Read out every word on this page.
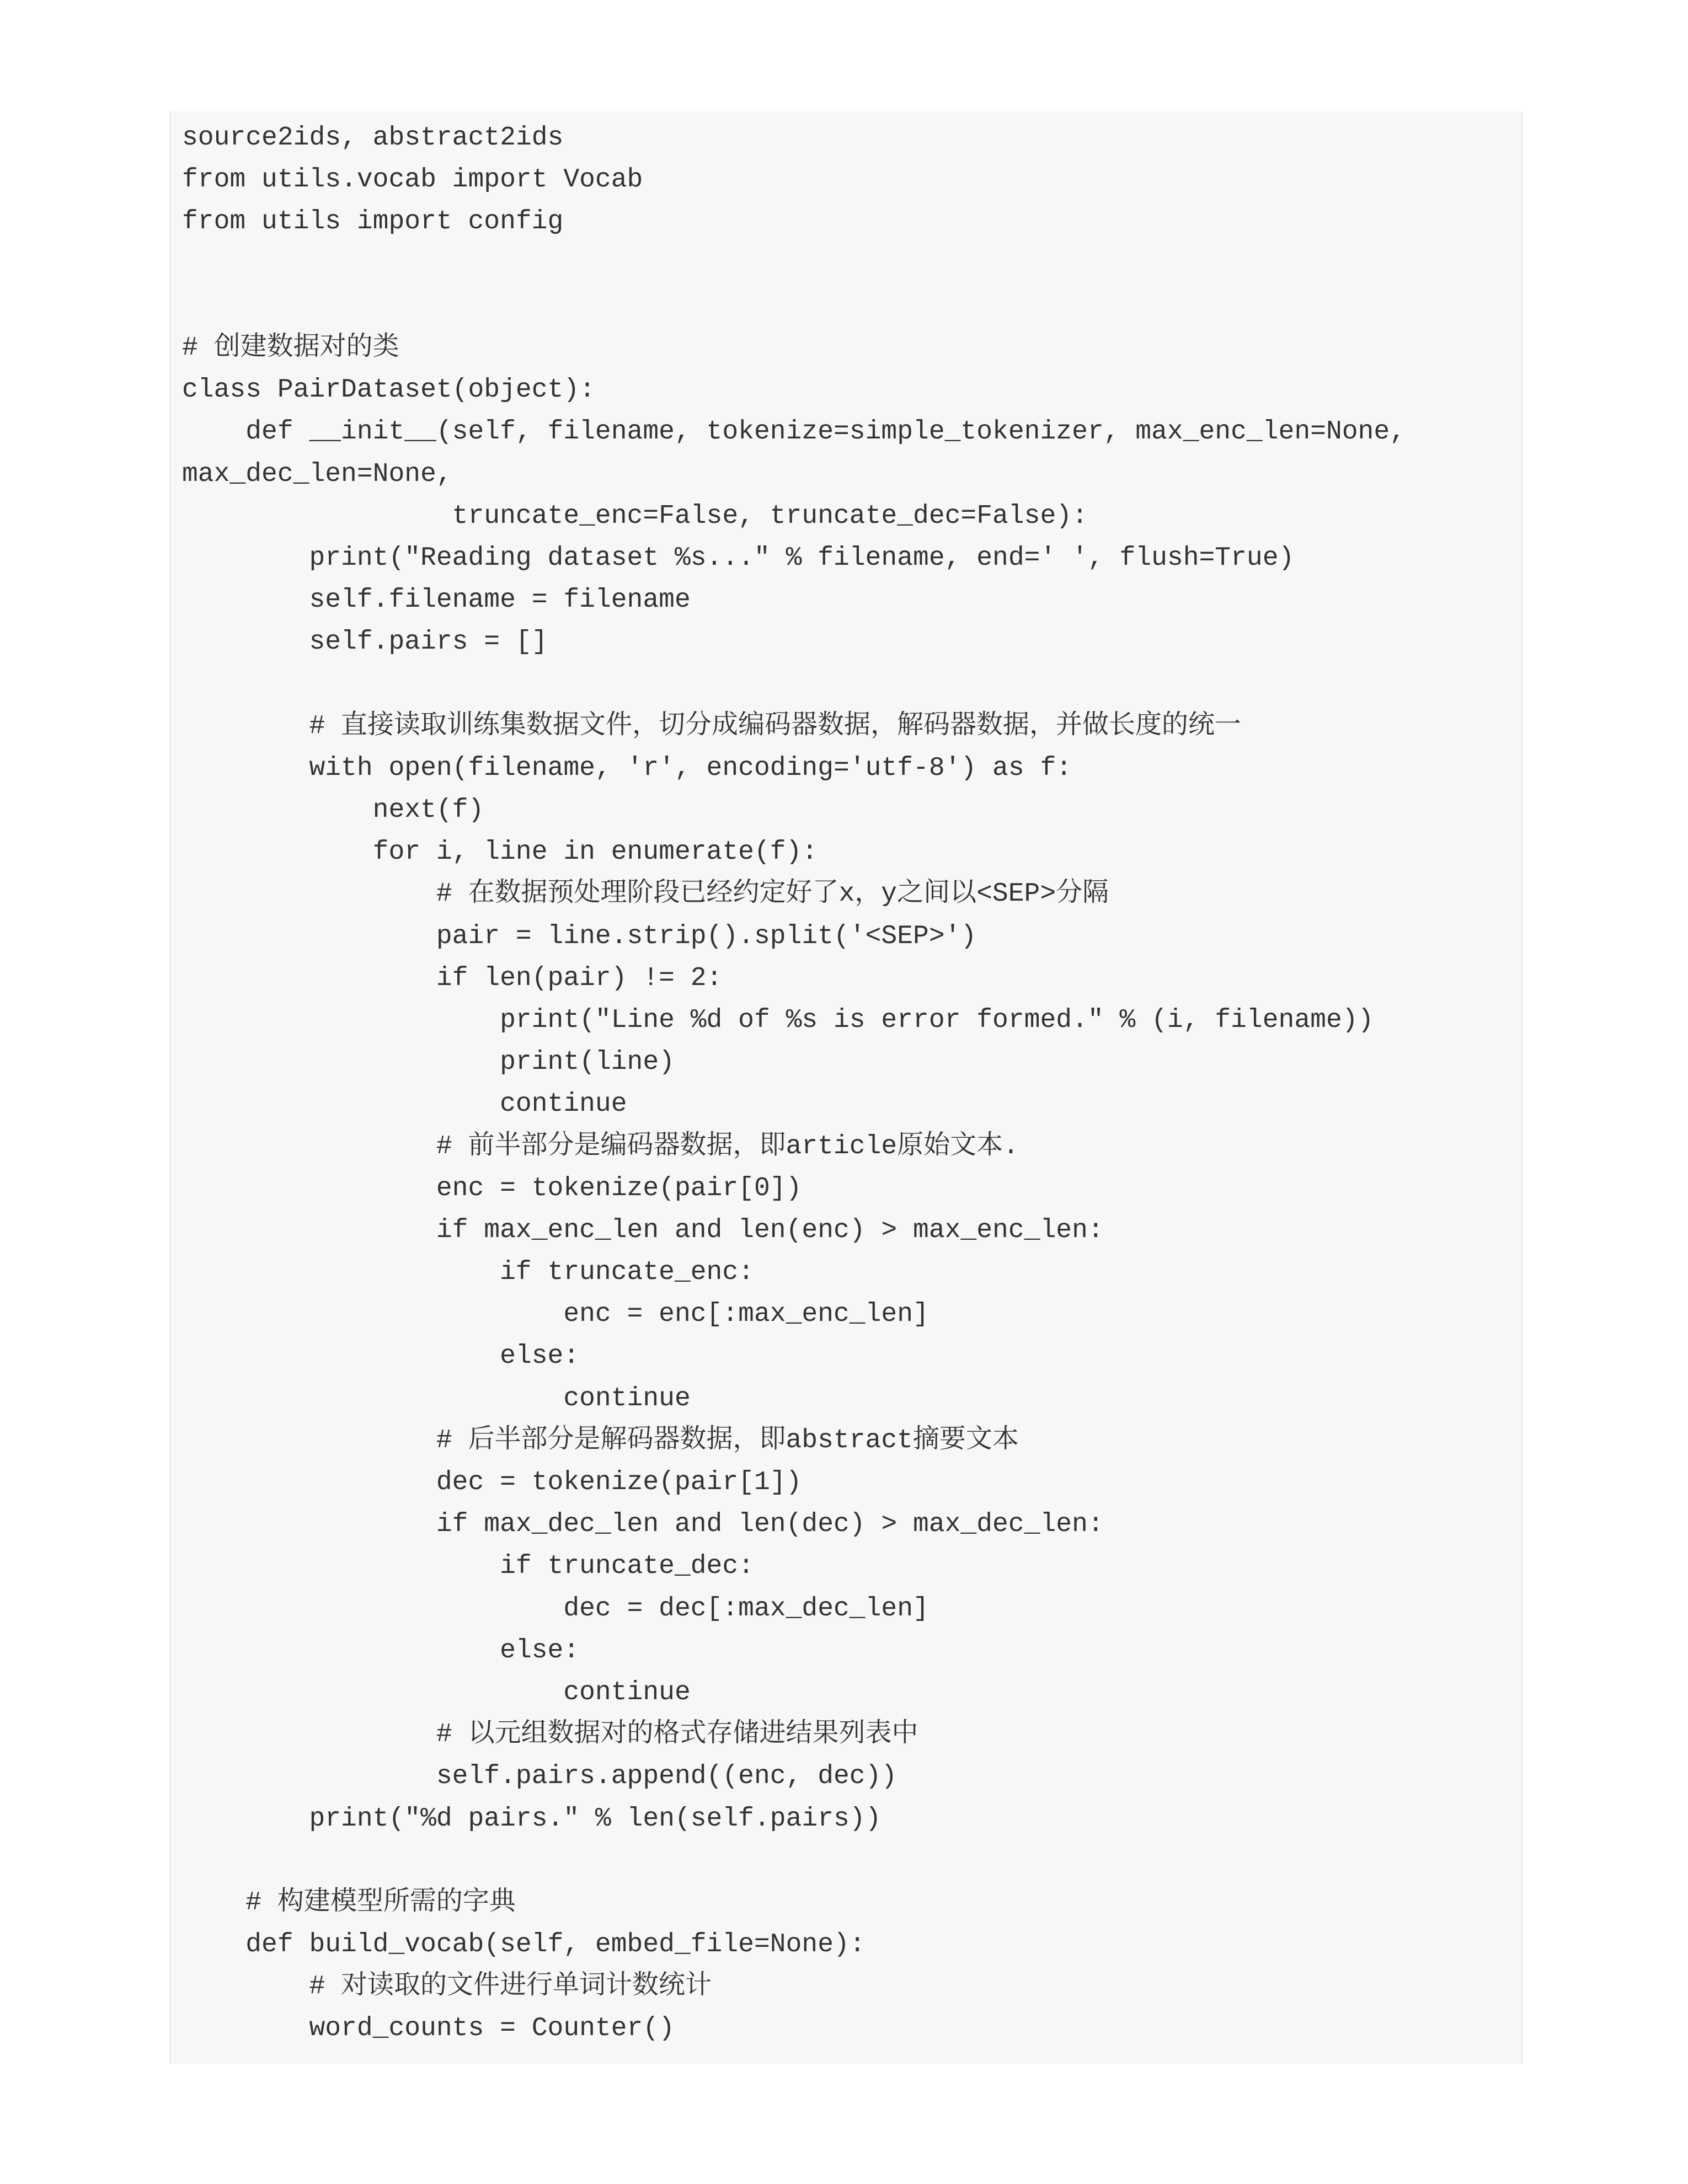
source2ids, abstract2ids
from utils.vocab import Vocab
from utils import config
# 创建数据对的类
class PairDataset(object):
def __init__(self, filename, tokenize=simple_tokenizer, max_enc_len=None,
max_dec_len=None,
truncate_enc=False, truncate_dec=False):
print("Reading dataset %s..." % filename, end=' ', flush=True)
self.filename = filename
self.pairs = []
# 直接读取训练集数据文件，切分成编码器数据，解码器数据，并做长度的统一
with open(filename, 'r', encoding='utf-8') as f:
next(f)
for i, line in enumerate(f):
# 在数据预处理阶段已经约定好了x，y之间以<SEP>分隔
pair = line.strip().split('<SEP>')
if len(pair) != 2:
print("Line %d of %s is error formed." % (i, filename))
print(line)
continue
# 前半部分是编码器数据，即article原始文本.
enc = tokenize(pair[0])
if max_enc_len and len(enc) > max_enc_len:
if truncate_enc:
enc = enc[:max_enc_len]
else:
continue
# 后半部分是解码器数据，即abstract摘要文本
dec = tokenize(pair[1])
if max_dec_len and len(dec) > max_dec_len:
if truncate_dec:
dec = dec[:max_dec_len]
else:
continue
# 以元组数据对的格式存储进结果列表中
self.pairs.append((enc, dec))
print("%d pairs." % len(self.pairs))
# 构建模型所需的字典
def build_vocab(self, embed_file=None):
# 对读取的文件进行单词计数统计
word_counts = Counter()
